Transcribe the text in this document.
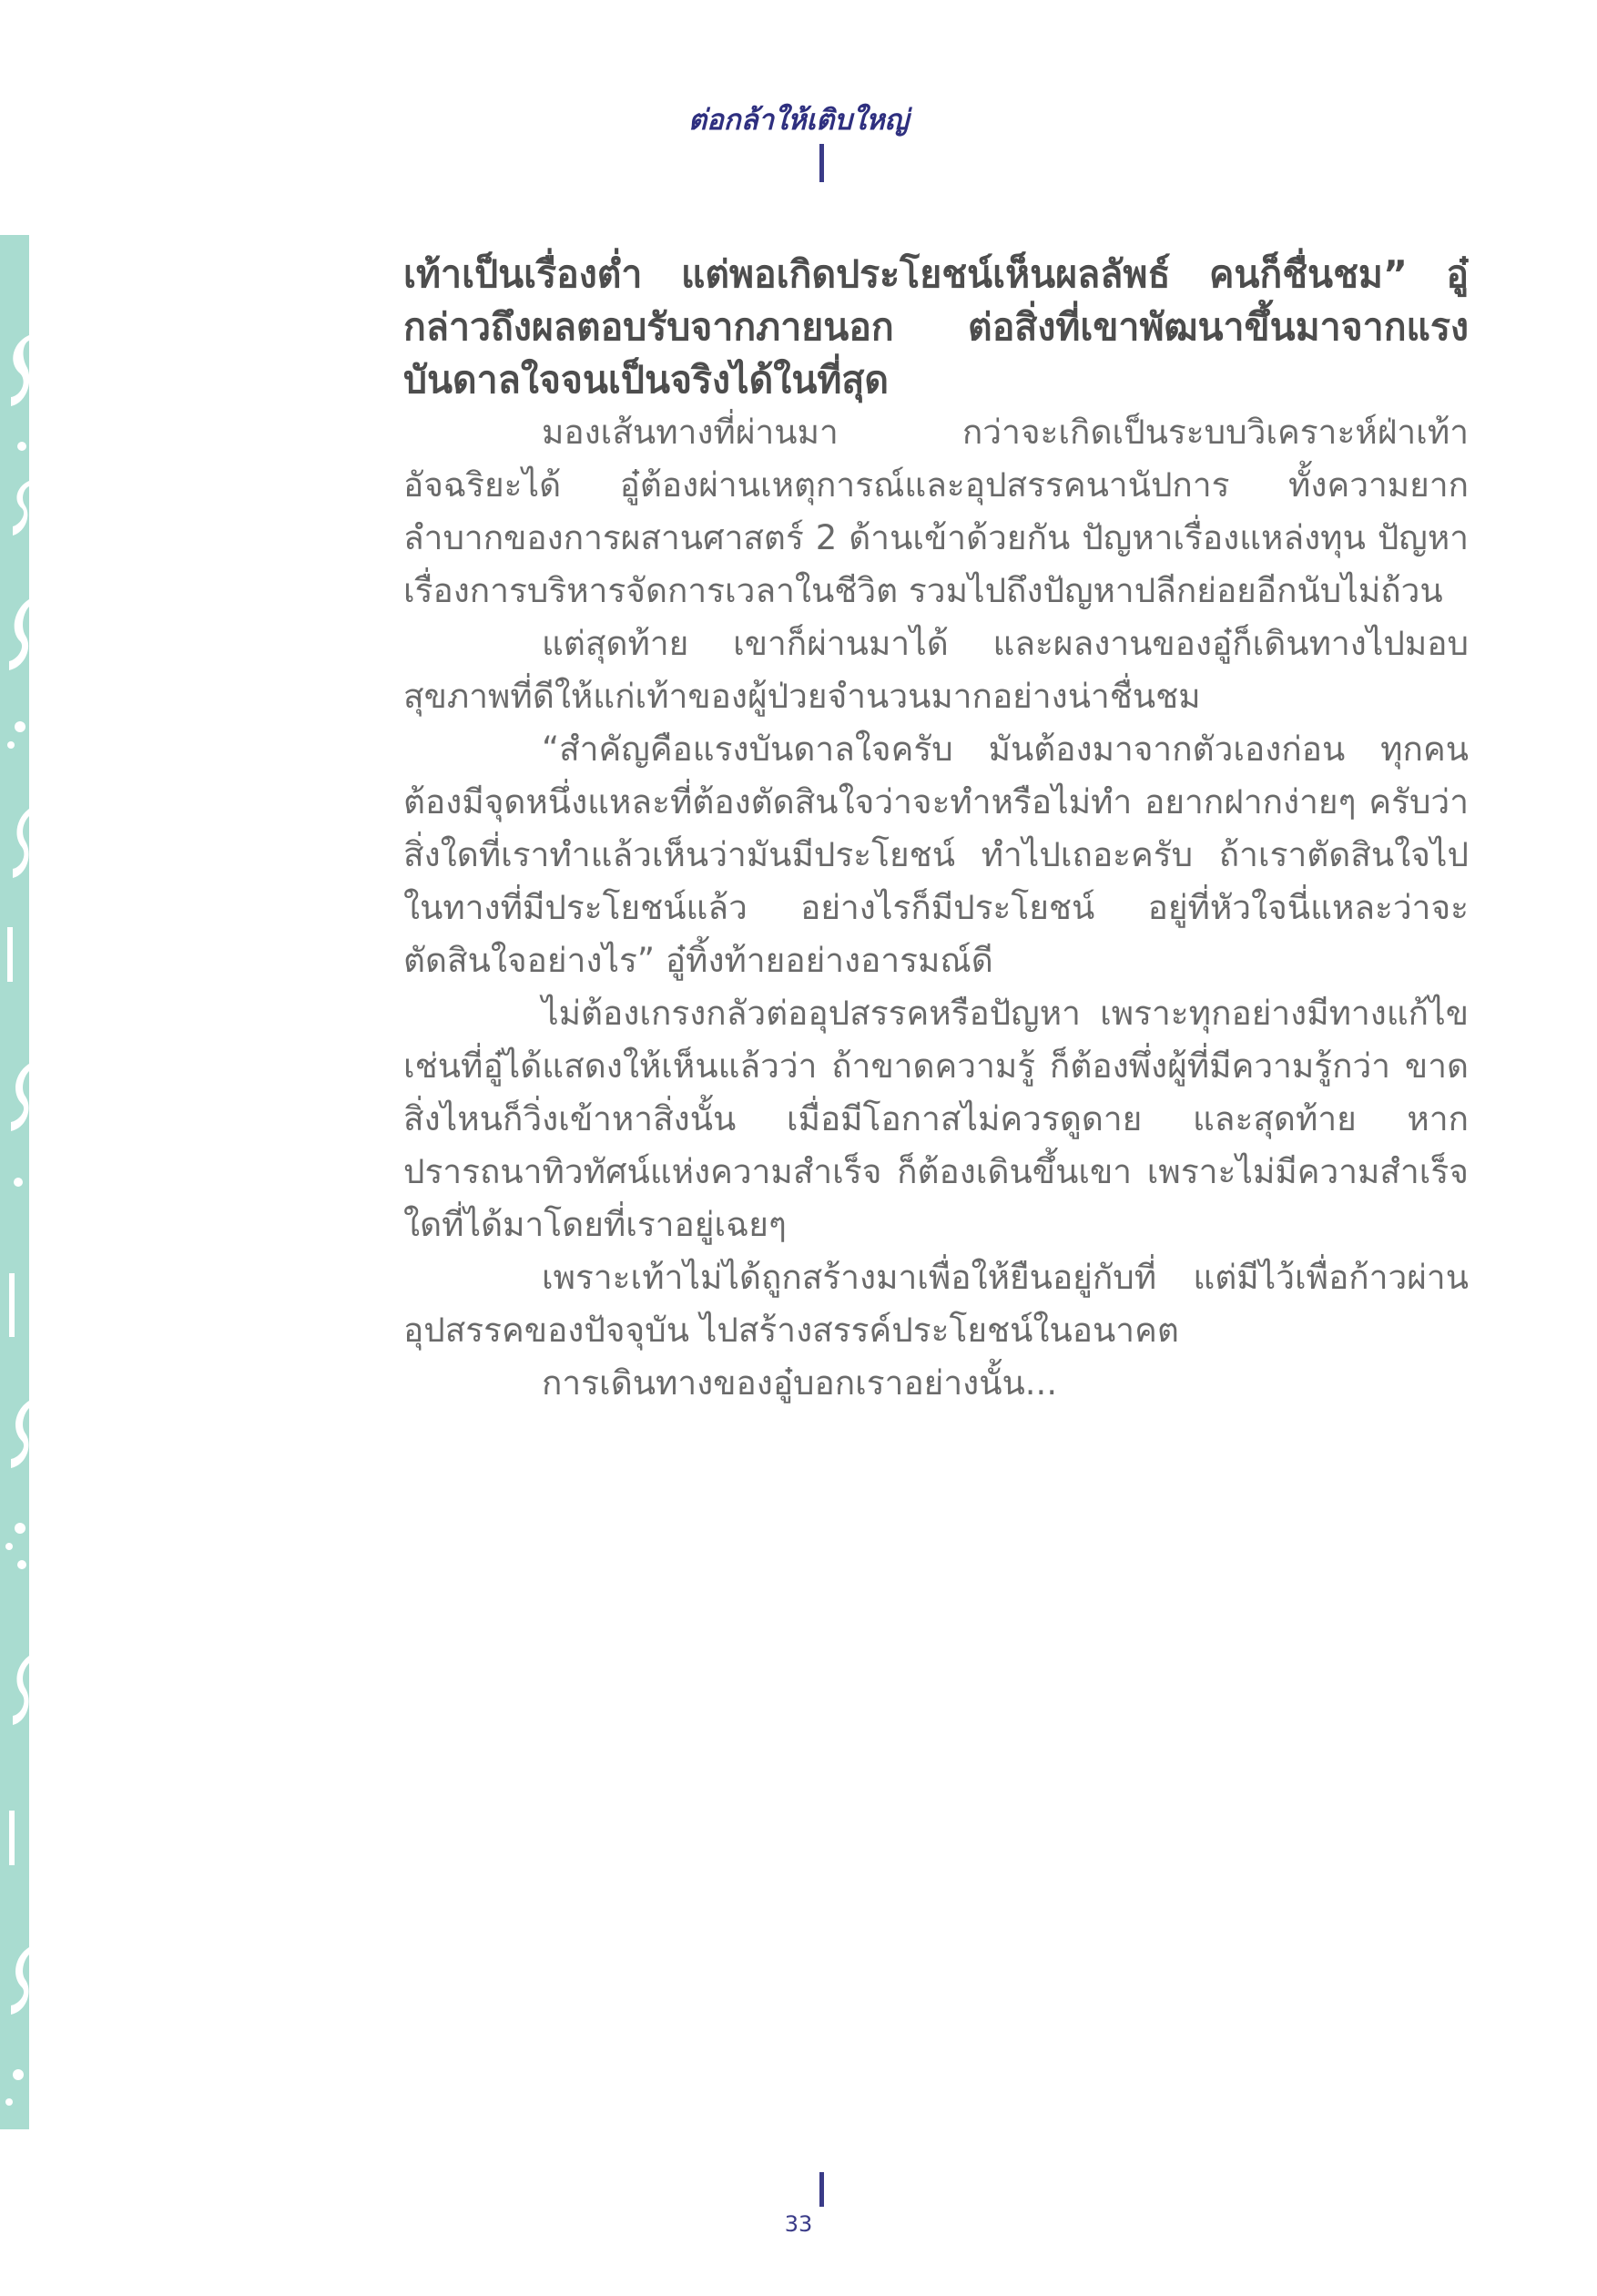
ต่อกล้าให้เติบใหญ่

เท้าเป็นเรื่องต่ำ แต่พอเกิดประโยชน์เห็นผลลัพธ์ คนก็ชื่นชม” อู๋กล่าวถึงผลตอบรับจากภายนอก ต่อสิ่งที่เขาพัฒนาขึ้นมาจากแรงบันดาลใจจนเป็นจริงได้ในที่สุด

มองเส้นทางที่ผ่านมา กว่าจะเกิดเป็นระบบวิเคราะห์ฝ่าเท้าอัจฉริยะได้ อู๋ต้องผ่านเหตุการณ์และอุปสรรคนานัปการ ทั้งความยากลำบากของการผสานศาสตร์ 2 ด้านเข้าด้วยกัน ปัญหาเรื่องแหล่งทุน ปัญหาเรื่องการบริหารจัดการเวลาในชีวิต รวมไปถึงปัญหาปลีกย่อยอีกนับไม่ถ้วน

แต่สุดท้าย เขาก็ผ่านมาได้ และผลงานของอู๋ก็เดินทางไปมอบสุขภาพที่ดีให้แก่เท้าของผู้ป่วยจำนวนมากอย่างน่าชื่นชม

“สำคัญคือแรงบันดาลใจครับ มันต้องมาจากตัวเองก่อน ทุกคนต้องมีจุดหนึ่งแหละที่ต้องตัดสินใจว่าจะทำหรือไม่ทำ อยากฝากง่ายๆ ครับว่า สิ่งใดที่เราทำแล้วเห็นว่ามันมีประโยชน์ ทำไปเถอะครับ ถ้าเราตัดสินใจไปในทางที่มีประโยชน์แล้ว อย่างไรก็มีประโยชน์ อยู่ที่หัวใจนี่แหละว่าจะตัดสินใจอย่างไร” อู๋ทิ้งท้ายอย่างอารมณ์ดี

ไม่ต้องเกรงกลัวต่ออุปสรรคหรือปัญหา เพราะทุกอย่างมีทางแก้ไข เช่นที่อู๋ได้แสดงให้เห็นแล้วว่า ถ้าขาดความรู้ ก็ต้องพึ่งผู้ที่มีความรู้กว่า ขาดสิ่งไหนก็วิ่งเข้าหาสิ่งนั้น เมื่อมีโอกาสไม่ควรดูดาย และสุดท้าย หากปรารถนาทิวทัศน์แห่งความสำเร็จ ก็ต้องเดินขึ้นเขา เพราะไม่มีความสำเร็จใดที่ได้มาโดยที่เราอยู่เฉยๆ

เพราะเท้าไม่ได้ถูกสร้างมาเพื่อให้ยืนอยู่กับที่ แต่มีไว้เพื่อก้าวผ่านอุปสรรคของปัจจุบัน ไปสร้างสรรค์ประโยชน์ในอนาคต

การเดินทางของอู๋บอกเราอย่างนั้น...

33
